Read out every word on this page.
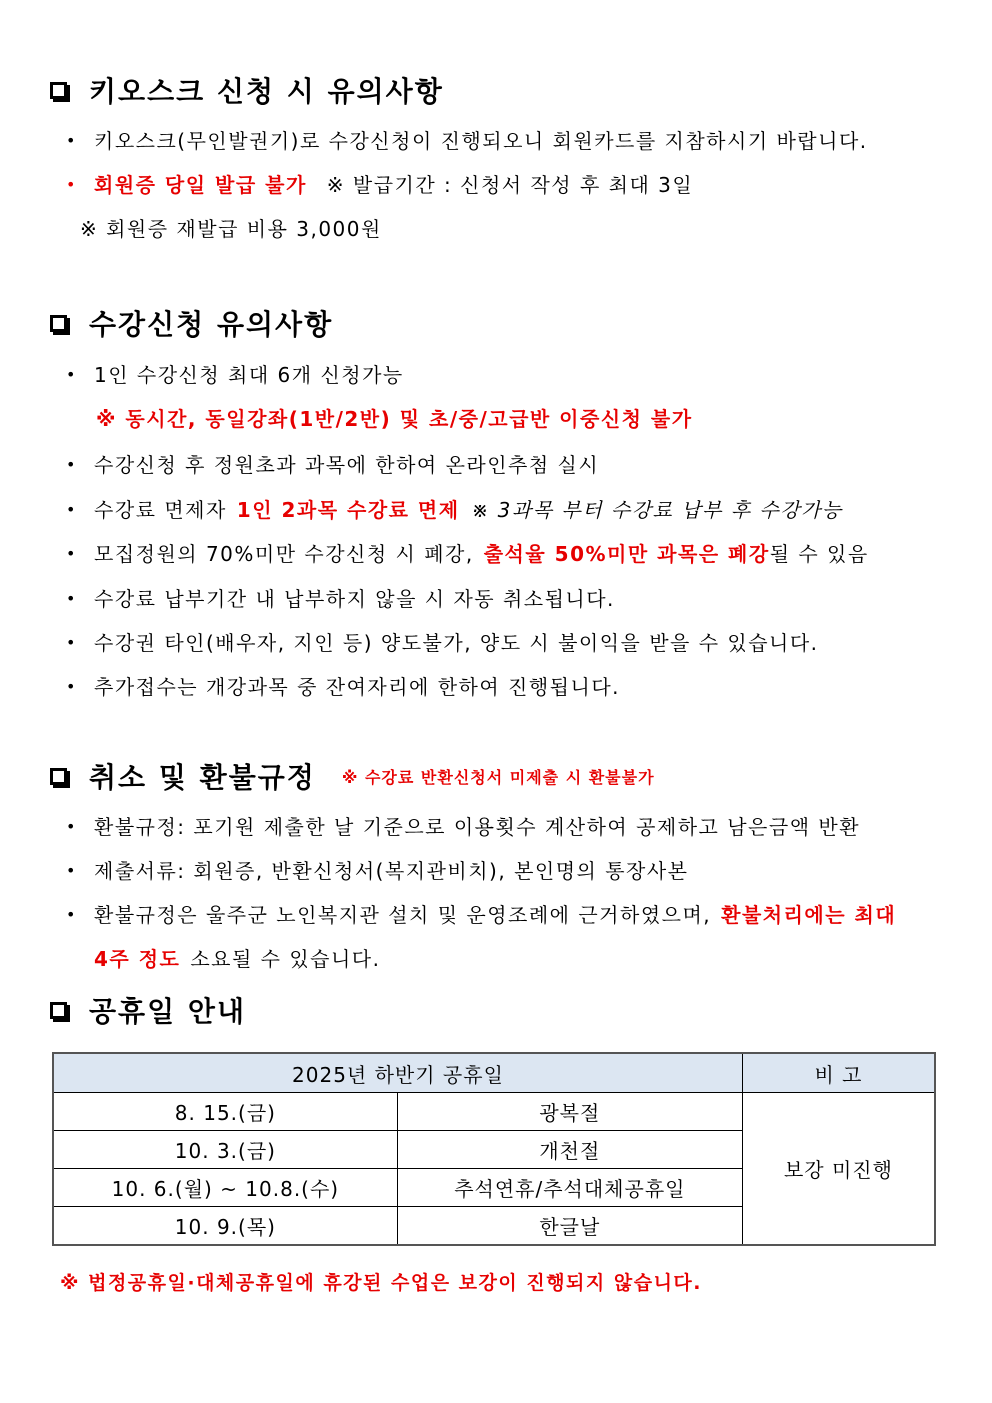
키오스크 신청 시 유의사항
• 키오스크(무인발권기)로 수강신청이 진행되오니 회원카드를 지참하시기 바랍니다.
• 회원증 당일 발급 불가 ※ 발급기간 : 신청서 작성 후 최대 3일
※ 회원증 재발급 비용 3,000원
수강신청 유의사항
• 1인 수강신청 최대 6개 신청가능
※ 동시간, 동일강좌(1반/2반) 및 초/중/고급반 이중신청 불가
• 수강신청 후 정원초과 과목에 한하여 온라인추첨 실시
• 수강료 면제자 1인 2과목 수강료 면제 ※ 3과목 부터 수강료 납부 후 수강가능
• 모집정원의 70%미만 수강신청 시 폐강, 출석율 50%미만 과목은 폐강될 수 있음
• 수강료 납부기간 내 납부하지 않을 시 자동 취소됩니다.
• 수강권 타인(배우자, 지인 등) 양도불가, 양도 시 불이익을 받을 수 있습니다.
• 추가접수는 개강과목 중 잔여자리에 한하여 진행됩니다.
취소 및 환불규정 ※ 수강료 반환신청서 미제출 시 환불불가
• 환불규정: 포기원 제출한 날 기준으로 이용횟수 계산하여 공제하고 남은금액 반환
• 제출서류: 회원증, 반환신청서(복지관비치), 본인명의 통장사본
• 환불규정은 울주군 노인복지관 설치 및 운영조례에 근거하였으며, 환불처리에는 최대
4주 정도 소요될 수 있습니다.
공휴일 안내
2025년 하반기 공휴일		비 고
8. 15.(금)	광복절	보강 미진행
10. 3.(금)	개천절	
10. 6.(월) ~ 10.8.(수)	추석연휴/추석대체공휴일	
10. 9.(목)	한글날	
※ 법정공휴일·대체공휴일에 휴강된 수업은 보강이 진행되지 않습니다.
